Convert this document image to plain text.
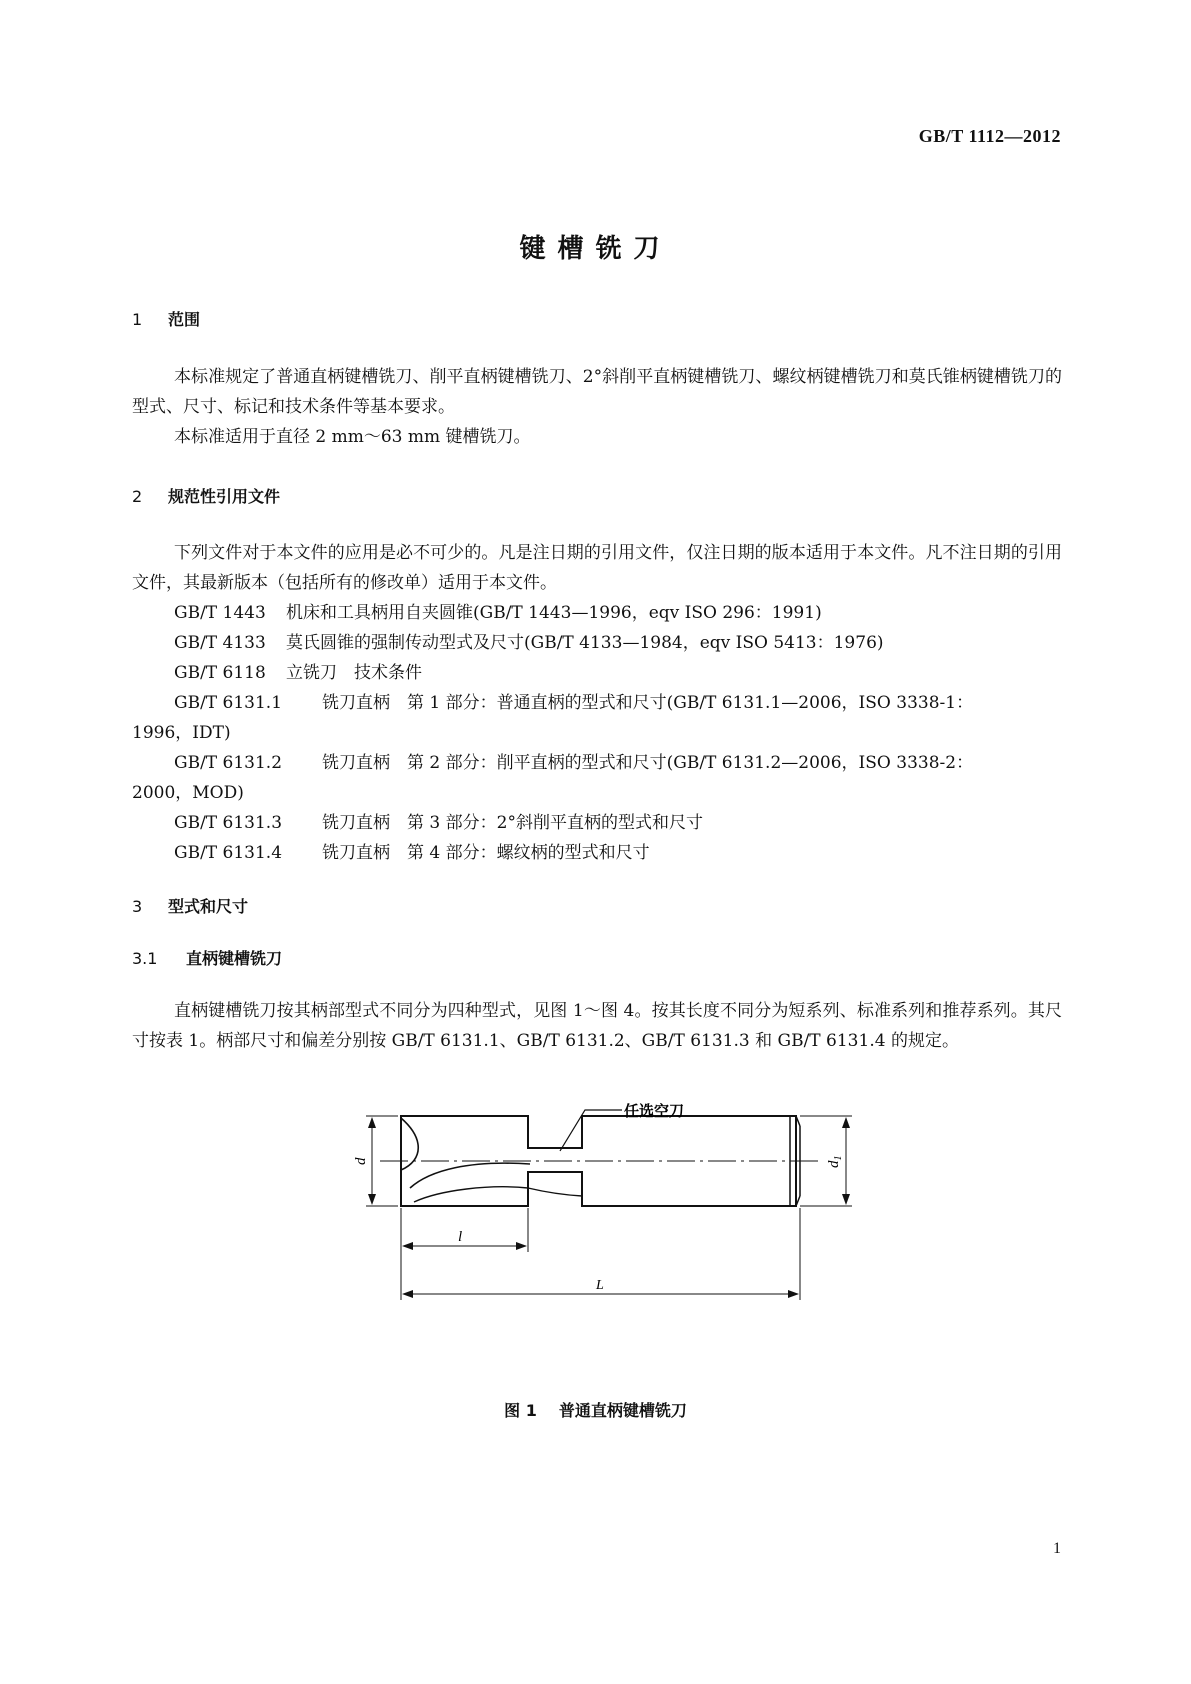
GB/T 1112—2012
键槽铣刀
1 范围
本标准规定了普通直柄键槽铣刀、削平直柄键槽铣刀、2°斜削平直柄键槽铣刀、螺纹柄键槽铣刀和莫氏锥柄键槽铣刀的型式、尺寸、标记和技术条件等基本要求。
本标准适用于直径 2 mm～63 mm 键槽铣刀。
2 规范性引用文件
下列文件对于本文件的应用是必不可少的。凡是注日期的引用文件，仅注日期的版本适用于本文件。凡不注日期的引用文件，其最新版本（包括所有的修改单）适用于本文件。
GB/T 1443 机床和工具柄用自夹圆锥(GB/T 1443—1996，eqv ISO 296：1991)
GB/T 4133 莫氏圆锥的强制传动型式及尺寸(GB/T 4133—1984，eqv ISO 5413：1976)
GB/T 6118 立铣刀　技术条件
GB/T 6131.1 铣刀直柄　第 1 部分：普通直柄的型式和尺寸(GB/T 6131.1—2006，ISO 3338-1：
1996，IDT)
GB/T 6131.2 铣刀直柄　第 2 部分：削平直柄的型式和尺寸(GB/T 6131.2—2006，ISO 3338-2：
2000，MOD)
GB/T 6131.3 铣刀直柄　第 3 部分：2°斜削平直柄的型式和尺寸
GB/T 6131.4 铣刀直柄　第 4 部分：螺纹柄的型式和尺寸
3 型式和尺寸
3.1 直柄键槽铣刀
直柄键槽铣刀按其柄部型式不同分为四种型式，见图 1～图 4。按其长度不同分为短系列、标准系列和推荐系列。其尺寸按表 1。柄部尺寸和偏差分别按 GB/T 6131.1、GB/T 6131.2、GB/T 6131.3 和 GB/T 6131.4 的规定。
任选空刀
d	$d_1$
l
L
图 1 普通直柄键槽铣刀
1
